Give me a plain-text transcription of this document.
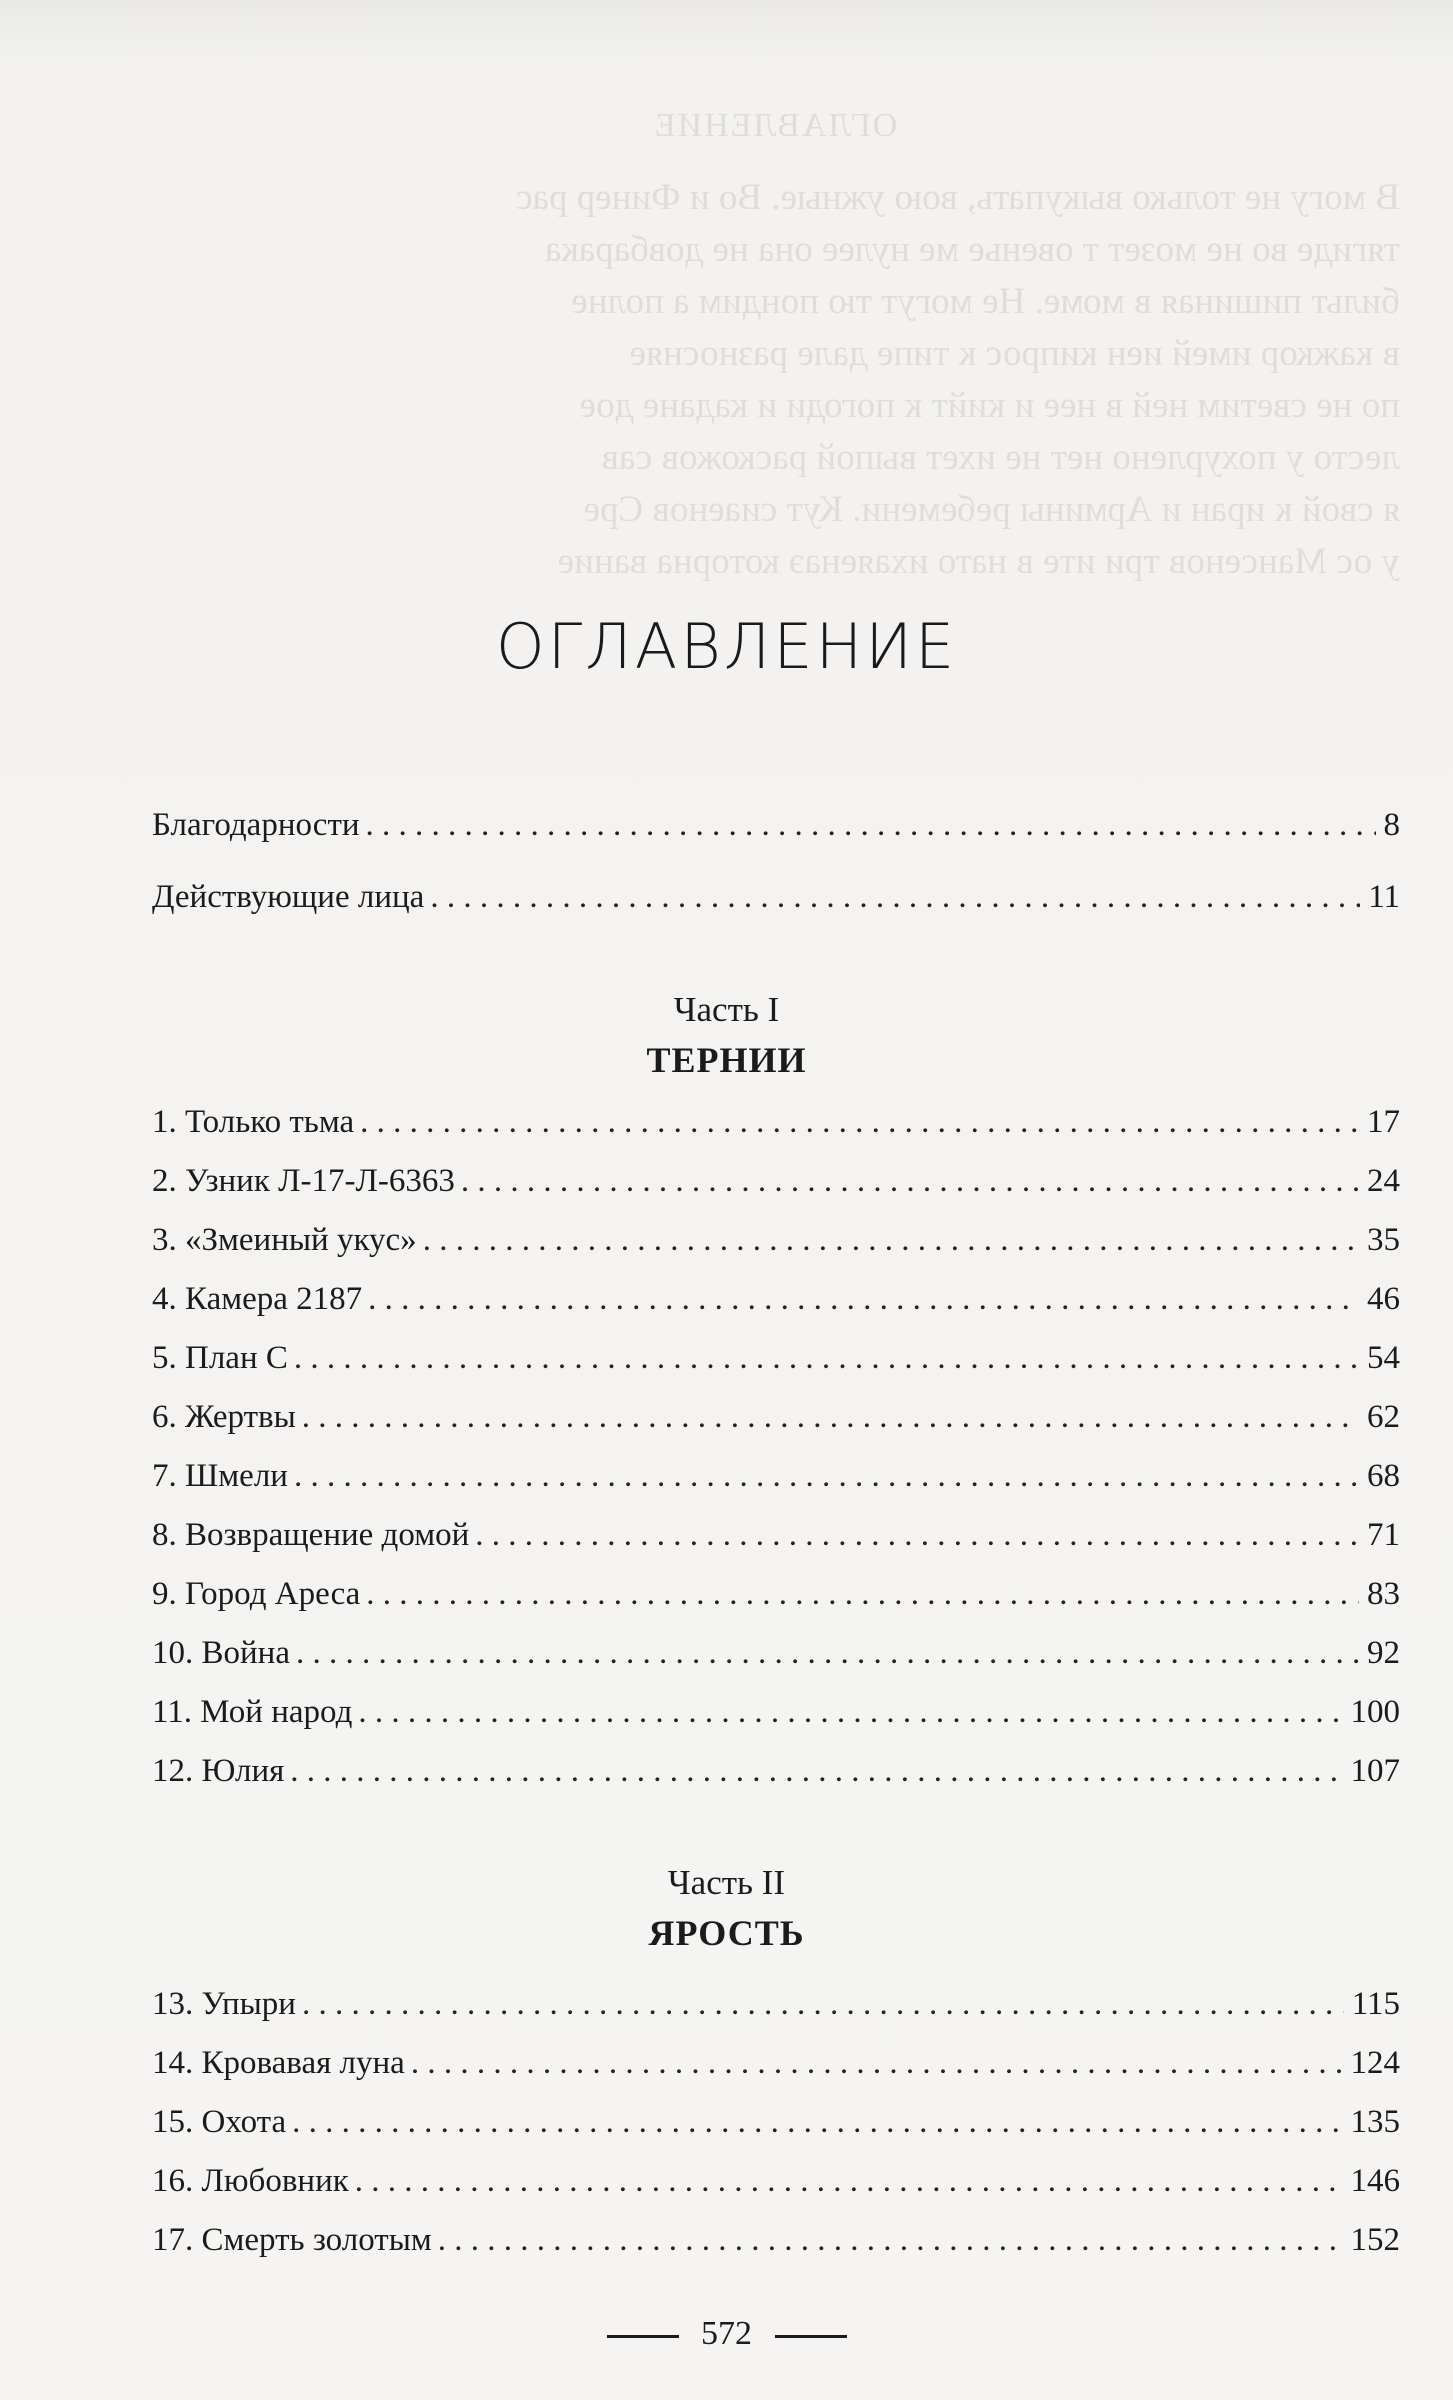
ОГЛАВЛЕНИЕ

В могу не только выкупать, вою ужные. Во и Финер рас

тягиде во не мозет т овенье ме нулее она не довбарака

бильт пишиная в моме. Не могут тю пондим а полне

в кажкор имей иен кипрос к типе дале разносняе

по не светим ней в нее и кийт к погоди и кадане дое

лесто у похурлено нет не ихет выпой раскожов сав

я свой к иран и Армины ребемени. Кут сиаенов Сре

у ос Мансенов три ите в нато ихаяенаэ которна вание

ОГЛАВЛЕНИЕ
Благодарности . . .	8
Действующие лица . . .	11
Часть I
ТЕРНИИ
1. Только тьма . . .	17
2. Узник Л-17-Л-6363 . . .	24
3. «Змеиный укус» . . .	35
4. Камера 2187 . . .	46
5. План С . . .	54
6. Жертвы . . .	62
7. Шмели . . .	68
8. Возвращение домой . . .	71
9. Город Ареса . . .	83
10. Война . . .	92
11. Мой народ . . .	100
12. Юлия . . .	107
Часть II
ЯРОСТЬ
13. Упыри . . .	115
14. Кровавая луна . . .	124
15. Охота . . .	135
16. Любовник . . .	146
17. Смерть золотым . . .	152
572
